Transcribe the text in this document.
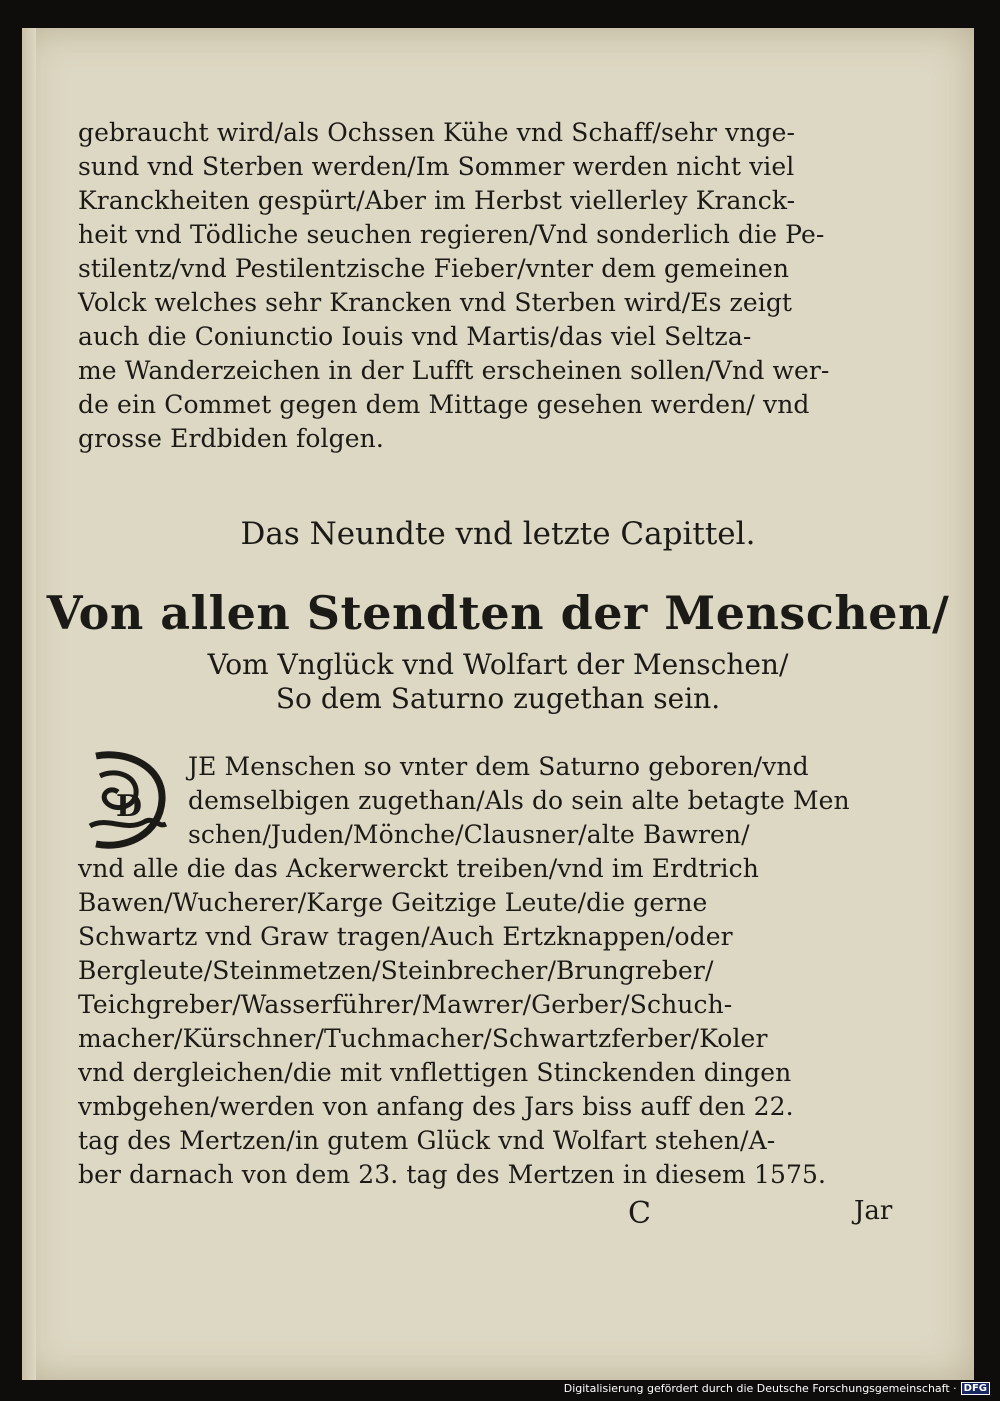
gebraucht wird/als Ochssen Kühe vnd Schaff/sehr vnge-
sund vnd Sterben werden/Im Sommer werden nicht viel
Kranckheiten gespürt/Aber im Herbst viellerley Kranck-
heit vnd Tödliche seuchen regieren/Vnd sonderlich die Pe-
stilentz/vnd Pestilentzische Fieber/vnter dem gemeinen
Volck welches sehr Krancken vnd Sterben wird/Es zeigt
auch die Coniunctio Iouis vnd Martis/das viel Seltza-
me Wanderzeichen in der Lufft erscheinen sollen/Vnd wer-
de ein Commet gegen dem Mittage gesehen werden/ vnd
grosse Erdbiden folgen.
Das Neundte vnd letzte Capittel.
Von allen Stendten der Menschen/
Vom Vnglück vnd Wolfart der Menschen/
So dem Saturno zugethan sein.
D
JE Menschen so vnter dem Saturno geboren/vnd
demselbigen zugethan/Als do sein alte betagte Men
schen/Juden/Mönche/Clausner/alte Bawren/
vnd alle die das Ackerwerckt treiben/vnd im Erdtrich
Bawen/Wucherer/Karge Geitzige Leute/die gerne
Schwartz vnd Graw tragen/Auch Ertzknappen/oder
Bergleute/Steinmetzen/Steinbrecher/Brungreber/
Teichgreber/Wasserführer/Mawrer/Gerber/Schuch-
macher/Kürschner/Tuchmacher/Schwartzferber/Koler
vnd dergleichen/die mit vnflettigen Stinckenden dingen
vmbgehen/werden von anfang des Jars biss auff den 22.
tag des Mertzen/in gutem Glück vnd Wolfart stehen/A-
ber darnach von dem 23. tag des Mertzen in diesem 1575.
C	Jar
Digitalisierung gefördert durch die Deutsche Forschungsgemeinschaft · DFG
